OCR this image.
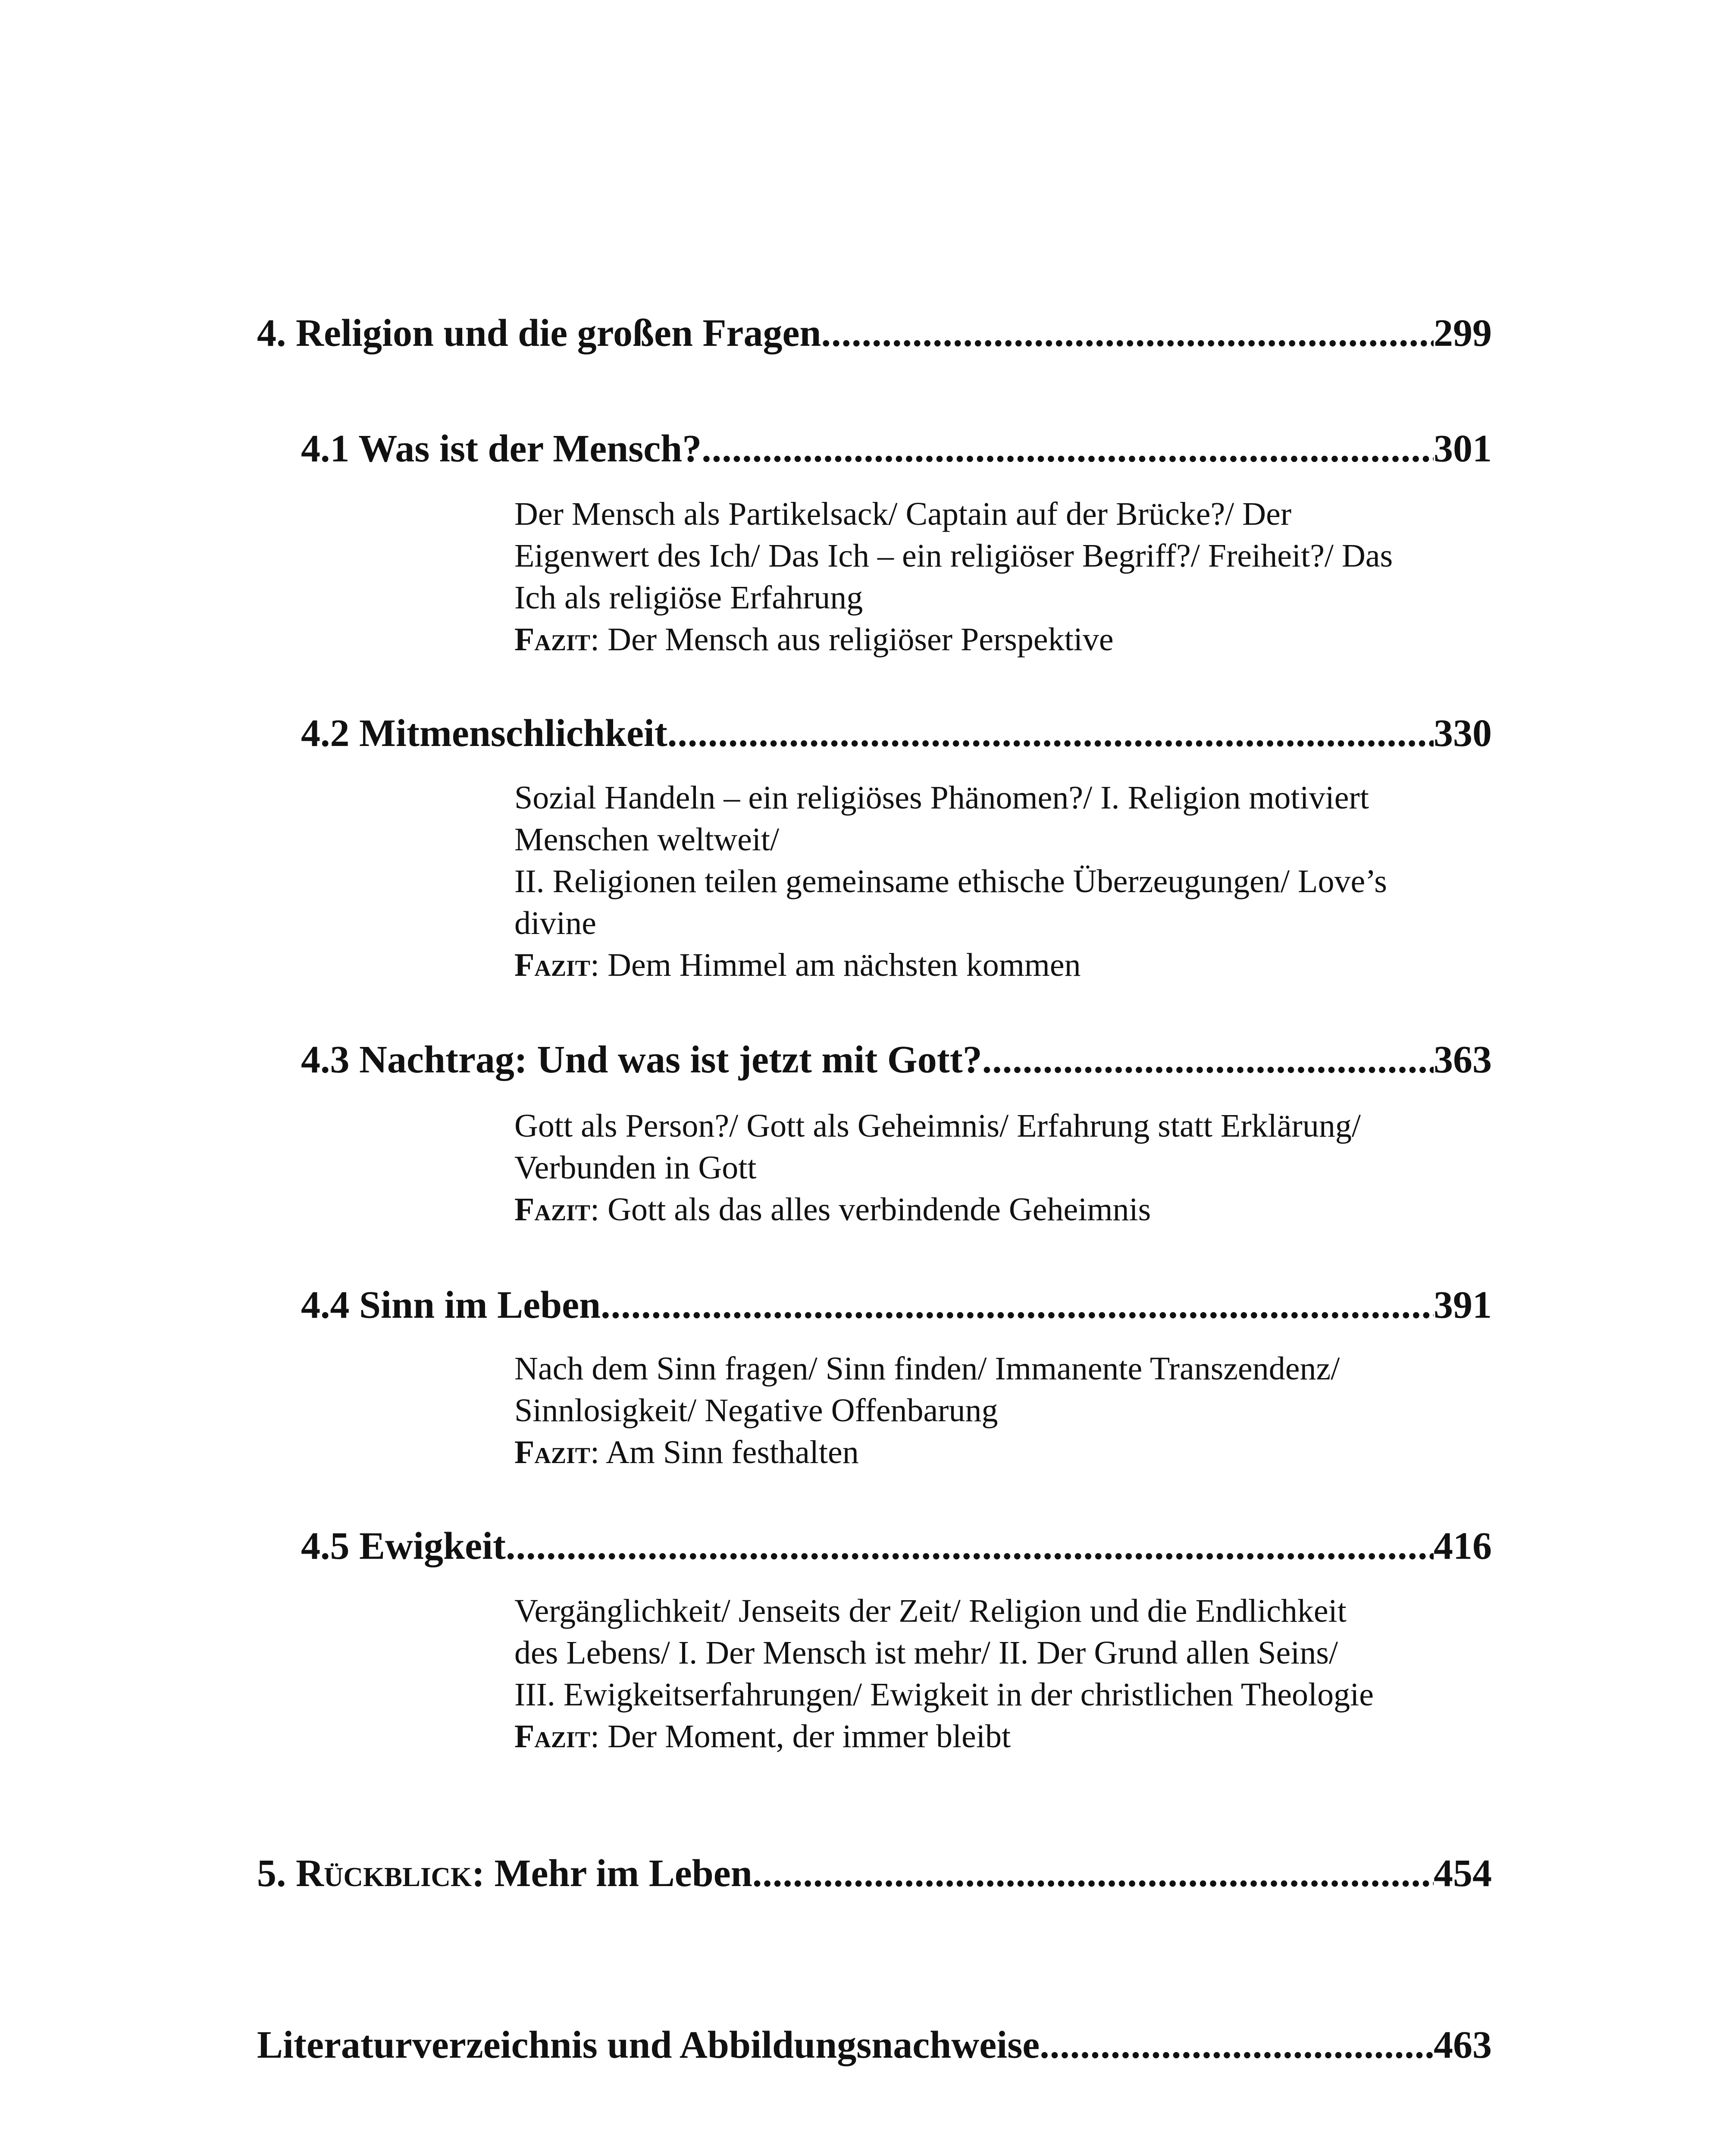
4. Religion und die großen Fragen .....	299
4.1 Was ist der Mensch? .....	301

Der Mensch als Partikelsack/ Captain auf der Brücke?/ Der

Eigenwert des Ich/ Das Ich – ein religiöser Begriff?/ Freiheit?/ Das

Ich als religiöse Erfahrung

Fazit: Der Mensch aus religiöser Perspektive

4.2 Mitmenschlichkeit .....	330

Sozial Handeln – ein religiöses Phänomen?/ I. Religion motiviert

Menschen weltweit/

II. Religionen teilen gemeinsame ethische Überzeugungen/ Love’s

divine

Fazit: Dem Himmel am nächsten kommen

4.3 Nachtrag: Und was ist jetzt mit Gott? .....	363

Gott als Person?/ Gott als Geheimnis/ Erfahrung statt Erklärung/

Verbunden in Gott

Fazit: Gott als das alles verbindende Geheimnis

4.4 Sinn im Leben .....	391

Nach dem Sinn fragen/ Sinn finden/ Immanente Transzendenz/

Sinnlosigkeit/ Negative Offenbarung

Fazit: Am Sinn festhalten

4.5 Ewigkeit .....	416

Vergänglichkeit/ Jenseits der Zeit/ Religion und die Endlichkeit

des Lebens/ I. Der Mensch ist mehr/ II. Der Grund allen Seins/

III. Ewigkeitserfahrungen/ Ewigkeit in der christlichen Theologie

Fazit: Der Moment, der immer bleibt

5. Rückblick: Mehr im Leben .....	454
Literaturverzeichnis und Abbildungsnachweise .....	463
